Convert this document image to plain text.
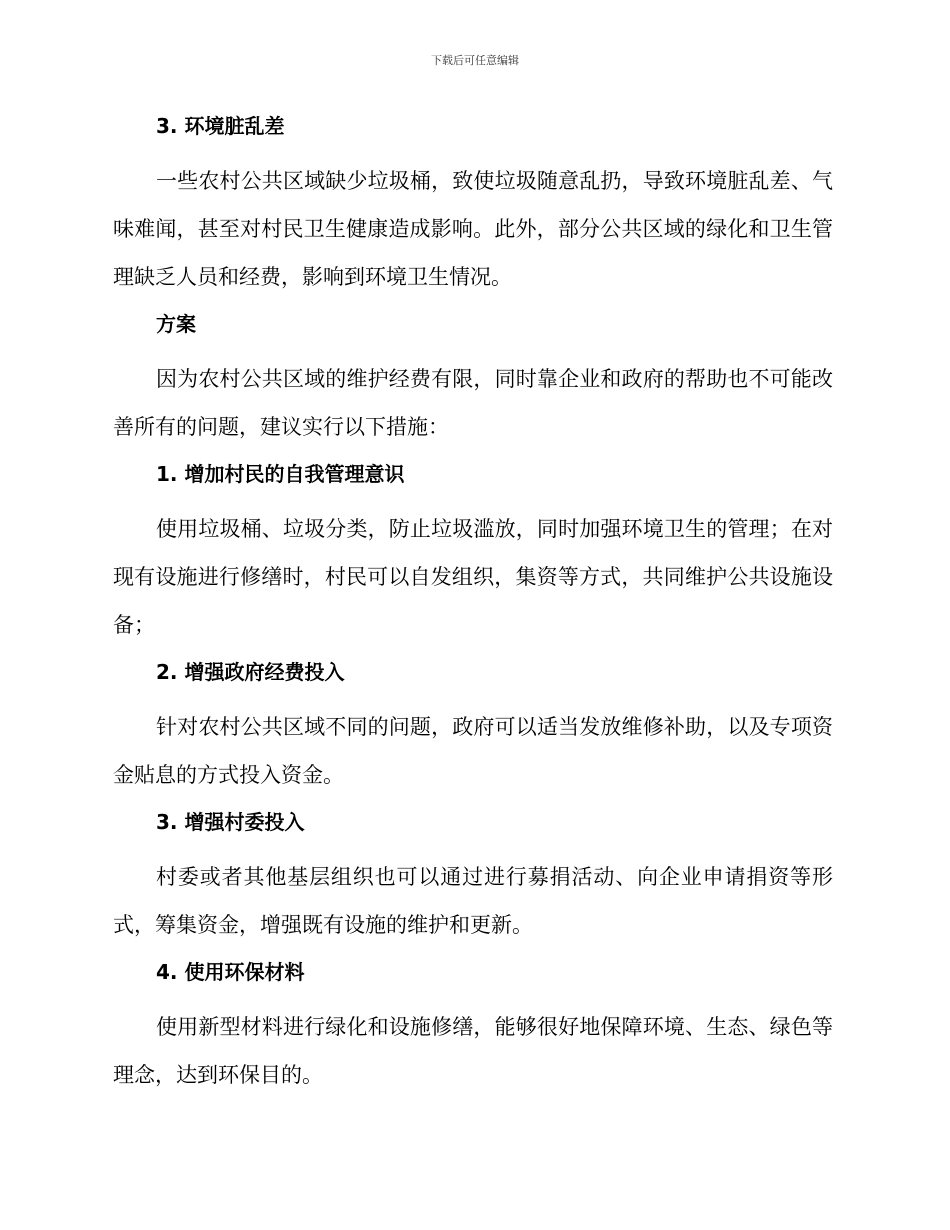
下载后可任意编辑
3. 环境脏乱差

一些农村公共区域缺少垃圾桶，致使垃圾随意乱扔，导致环境脏乱差、气味难闻，甚至对村民卫生健康造成影响。此外，部分公共区域的绿化和卫生管理缺乏人员和经费，影响到环境卫生情况。

方案

因为农村公共区域的维护经费有限，同时靠企业和政府的帮助也不可能改善所有的问题，建议实行以下措施：

1. 增加村民的自我管理意识

使用垃圾桶、垃圾分类，防止垃圾滥放，同时加强环境卫生的管理；在对现有设施进行修缮时，村民可以自发组织，集资等方式，共同维护公共设施设备；

2. 增强政府经费投入

针对农村公共区域不同的问题，政府可以适当发放维修补助，以及专项资金贴息的方式投入资金。

3. 增强村委投入

村委或者其他基层组织也可以通过进行募捐活动、向企业申请捐资等形式，筹集资金，增强既有设施的维护和更新。

4. 使用环保材料

使用新型材料进行绿化和设施修缮，能够很好地保障环境、生态、绿色等理念，达到环保目的。
